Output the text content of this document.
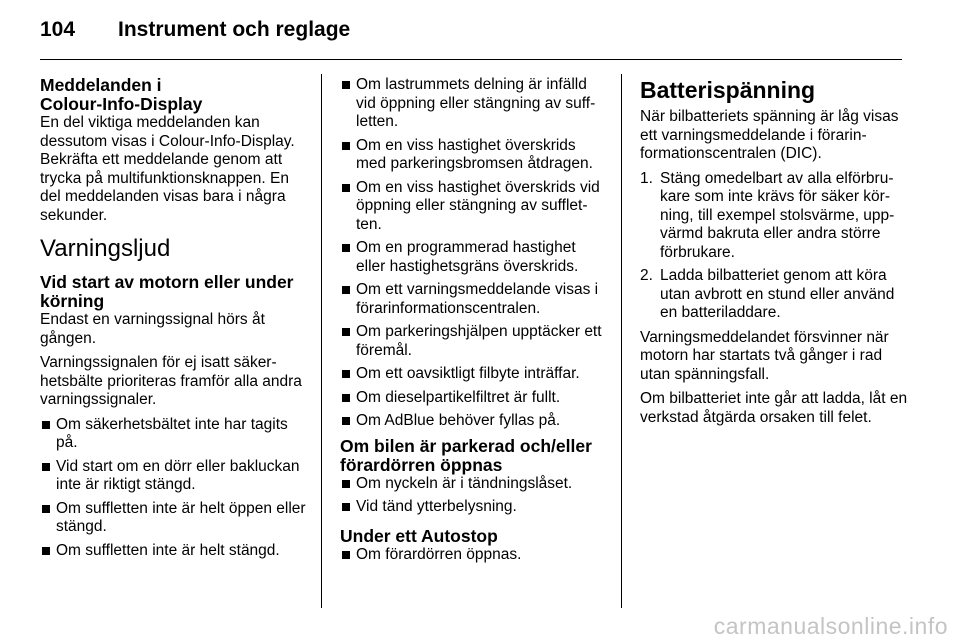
104 Instrument och reglage
Meddelanden i
Colour-Info-Display

En del viktiga meddelanden kan dessutom visas i Colour-Info-Display. Bekräfta ett meddelande genom att trycka på multifunktionsknappen. En del meddelanden visas bara i några sekunder.

Varningsljud
Vid start av motorn eller under körning

Endast en varningssignal hörs åt gången.

Varningssignalen för ej isatt säkerhetsbälte prioriteras framför alla andra varningssignaler.

Om säkerhetsbältet inte har tagits på.
Vid start om en dörr eller bakluckan inte är riktigt stängd.
Om suffletten inte är helt öppen eller stängd.
Om suffletten inte är helt stängd.
Om lastrummets delning är infälld vid öppning eller stängning av suffletten.
Om en viss hastighet överskrids med parkeringsbromsen åtdragen.
Om en viss hastighet överskrids vid öppning eller stängning av suffletten.
Om en programmerad hastighet eller hastighetsgräns överskrids.
Om ett varningsmeddelande visas i förarinformationscentralen.
Om parkeringshjälpen upptäcker ett föremål.
Om ett oavsiktligt filbyte inträffar.
Om dieselpartikelfiltret är fullt.
Om AdBlue behöver fyllas på.
Om bilen är parkerad och/eller förardörren öppnas
Om nyckeln är i tändningslåset.
Vid tänd ytterbelysning.
Under ett Autostop
Om förardörren öppnas.
Batterispänning

När bilbatteriets spänning är låg visas ett varningsmeddelande i förarinformationscentralen (DIC).

1. Stäng omedelbart av alla elförbrukare som inte krävs för säker körning, till exempel stolsvärme, uppvärmd bakruta eller andra större förbrukare.
2. Ladda bilbatteriet genom att köra utan avbrott en stund eller använd en batteriladdare.

Varningsmeddelandet försvinner när motorn har startats två gånger i rad utan spänningsfall.

Om bilbatteriet inte går att ladda, låt en verkstad åtgärda orsaken till felet.

carmanualsonline.info
